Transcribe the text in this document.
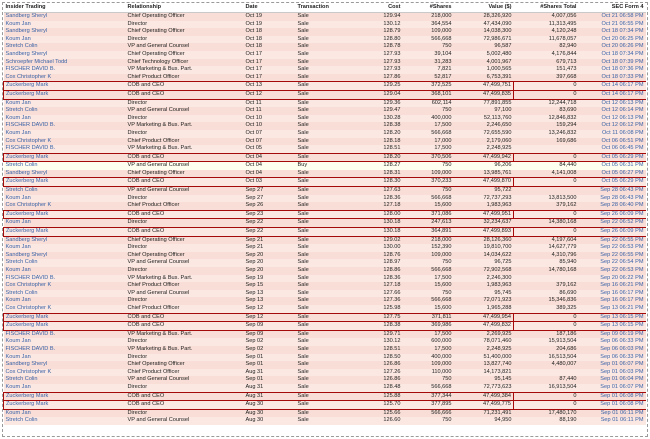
Insider Trading	Relationship	Date	Transaction	Cost	#Shares	Value ($)	#Shares Total	SEC Form 4
Sandberg Sheryl	Chief Operating Officer	Oct 19	Sale	129.94	218,000	28,326,920	4,007,056	Oct 21 06:58 PM
Koum Jan	Director	Oct 19	Sale	130.12	364,554	47,434,090	11,313,495	Oct 21 06:55 PM
Sandberg Sheryl	Chief Operating Officer	Oct 18	Sale	128.79	109,000	14,038,300	4,120,248	Oct 18 07:34 PM
Koum Jan	Director	Oct 18	Sale	128.80	566,668	72,986,671	11,678,057	Oct 20 06:25 PM
Stretch Colin	VP and General Counsel	Oct 18	Sale	128.78	750	96,587	82,940	Oct 20 06:26 PM
Sandberg Sheryl	Chief Operating Officer	Oct 17	Sale	127.93	39,104	5,002,480	4,176,844	Oct 18 07:34 PM
Schroepfer Michael Todd	Chief Technology Officer	Oct 17	Sale	127.93	31,283	4,001,967	679,713	Oct 18 07:39 PM
FISCHER DAVID B.	VP Marketing & Bus. Part.	Oct 17	Sale	127.93	7,821	1,000,565	151,473	Oct 18 07:36 PM
Cox Christopher K	Chief Product Officer	Oct 17	Sale	127.86	52,817	6,753,391	397,668	Oct 18 07:33 PM
Zuckerberg Mark	COB and CEO	Oct 13	Sale	129.25	372,525	47,499,751	0	Oct 14 06:17 PM
Zuckerberg Mark	COB and CEO	Oct 12	Sale	129.04	368,101	47,499,835	0	Oct 14 06:17 PM
Koum Jan	Director	Oct 11	Sale	129.36	602,114	77,891,855	12,244,718	Oct 12 06:13 PM
Stretch Colin	VP and General Counsel	Oct 11	Sale	129.47	750	97,100	83,690	Oct 12 06:14 PM
Koum Jan	Director	Oct 10	Sale	130.28	400,000	52,113,760	12,846,832	Oct 12 06:13 PM
FISCHER DAVID B.	VP Marketing & Bus. Part.	Oct 10	Sale	128.38	17,500	2,246,650	159,294	Oct 12 06:12 PM
Koum Jan	Director	Oct 07	Sale	128.20	566,668	72,655,590	13,246,832	Oct 11 06:08 PM
Cox Christopher K	Chief Product Officer	Oct 07	Sale	128.18	17,000	2,179,060	169,686	Oct 06 06:51 PM
FISCHER DAVID B.	VP Marketing & Bus. Part.	Oct 05	Sale	128.51	17,500	2,248,925		Oct 06 06:45 PM
Zuckerberg Mark	COB and CEO	Oct 04	Sale	128.20	370,506	47,499,942	0	Oct 05 06:29 PM
Stretch Colin	VP and General Counsel	Oct 04	Buy	128.27	750	96,206	84,440	Oct 05 06:31 PM
Sandberg Sheryl	Chief Operating Officer	Oct 04	Sale	128.31	109,000	13,985,761	4,141,008	Oct 05 06:27 PM
Zuckerberg Mark	COB and CEO	Oct 03	Sale	128.30	370,233	47,499,870	0	Oct 05 06:29 PM
Stretch Colin	VP and General Counsel	Sep 27	Sale	127.63	750	95,722		Sep 28 06:43 PM
Koum Jan	Director	Sep 27	Sale	128.36	566,668	72,737,293	13,813,500	Sep 28 06:43 PM
Cox Christopher K	Chief Product Officer	Sep 26	Sale	127.18	15,600	1,983,963	379,162	Sep 28 06:40 PM
Zuckerberg Mark	COB and CEO	Sep 23	Sale	128.00	371,086	47,499,951	0	Sep 26 06:09 PM
Koum Jan	Director	Sep 22	Sale	130.18	247,613	32,234,637	14,380,168	Sep 22 06:52 PM
Zuckerberg Mark	COB and CEO	Sep 22	Sale	130.18	364,891	47,499,893	0	Sep 26 06:09 PM
Sandberg Sheryl	Chief Operating Officer	Sep 21	Sale	129.02	218,000	28,126,360	4,197,604	Sep 22 06:55 PM
Koum Jan	Director	Sep 21	Sale	130.00	152,390	19,810,700	14,627,779	Sep 22 06:53 PM
Sandberg Sheryl	Chief Operating Officer	Sep 20	Sale	128.76	109,000	14,034,622	4,310,796	Sep 22 06:55 PM
Stretch Colin	VP and General Counsel	Sep 20	Sale	128.97	750	96,725	85,940	Sep 22 06:54 PM
Koum Jan	Director	Sep 20	Sale	128.86	566,668	72,902,568	14,780,168	Sep 22 06:53 PM
FISCHER DAVID B.	VP Marketing & Bus. Part.	Sep 19	Sale	128.36	17,500	2,246,300		Sep 20 06:22 PM
Cox Christopher K	Chief Product Officer	Sep 15	Sale	127.18	15,600	1,983,963	379,162	Sep 16 06:21 PM
Stretch Colin	VP and General Counsel	Sep 13	Sale	127.66	750	95,745	86,690	Sep 16 06:17 PM
Koum Jan	Director	Sep 13	Sale	127.36	566,668	72,071,923	15,346,836	Sep 16 06:17 PM
Cox Christopher K	Chief Product Officer	Sep 12	Sale	125.98	15,600	1,965,288	389,325	Sep 13 06:21 PM
Zuckerberg Mark	COB and CEO	Sep 12	Sale	127.75	371,811	47,499,954	0	Sep 13 06:15 PM
Zuckerberg Mark	COB and CEO	Sep 09	Sale	128.38	369,986	47,499,832	0	Sep 13 06:15 PM
FISCHER DAVID B.	VP Marketing & Bus. Part.	Sep 09	Sale	129.71	17,500	2,269,925	187,186	Sep 09 06:19 PM
Koum Jan	Director	Sep 02	Sale	130.12	600,000	78,071,460	15,913,504	Sep 06 06:33 PM
FISCHER DAVID B.	VP Marketing & Bus. Part.	Sep 02	Sale	128.51	17,500	2,248,925	204,686	Sep 06 06:03 PM
Koum Jan	Director	Sep 01	Sale	128.50	400,000	51,400,000	16,513,504	Sep 06 06:33 PM
Sandberg Sheryl	Chief Operating Officer	Sep 01	Sale	126.86	109,000	13,827,740	4,480,007	Sep 01 06:07 PM
Cox Christopher K	Chief Product Officer	Aug 31	Sale	127.26	110,000	14,173,821		Sep 01 06:03 PM
Stretch Colin	VP and General Counsel	Sep 01	Sale	126.86	750	95,145	87,440	Sep 01 06:04 PM
Koum Jan	Director	Aug 31	Sale	128.48	566,668	72,773,623	16,913,504	Sep 01 06:07 PM
Zuckerberg Mark	COB and CEO	Aug 31	Sale	125.88	377,344	47,499,384	0	Sep 01 06:08 PM
Zuckerberg Mark	COB and CEO	Aug 30	Sale	125.70	377,895	47,499,775	0	Sep 01 06:08 PM
Koum Jan	Director	Aug 30	Sale	125.66	566,666	71,231,491	17,480,170	Sep 01 06:11 PM
Stretch Colin	VP and General Counsel	Aug 30	Sale	126.60	750	94,950	88,190	Sep 01 06:11 PM
